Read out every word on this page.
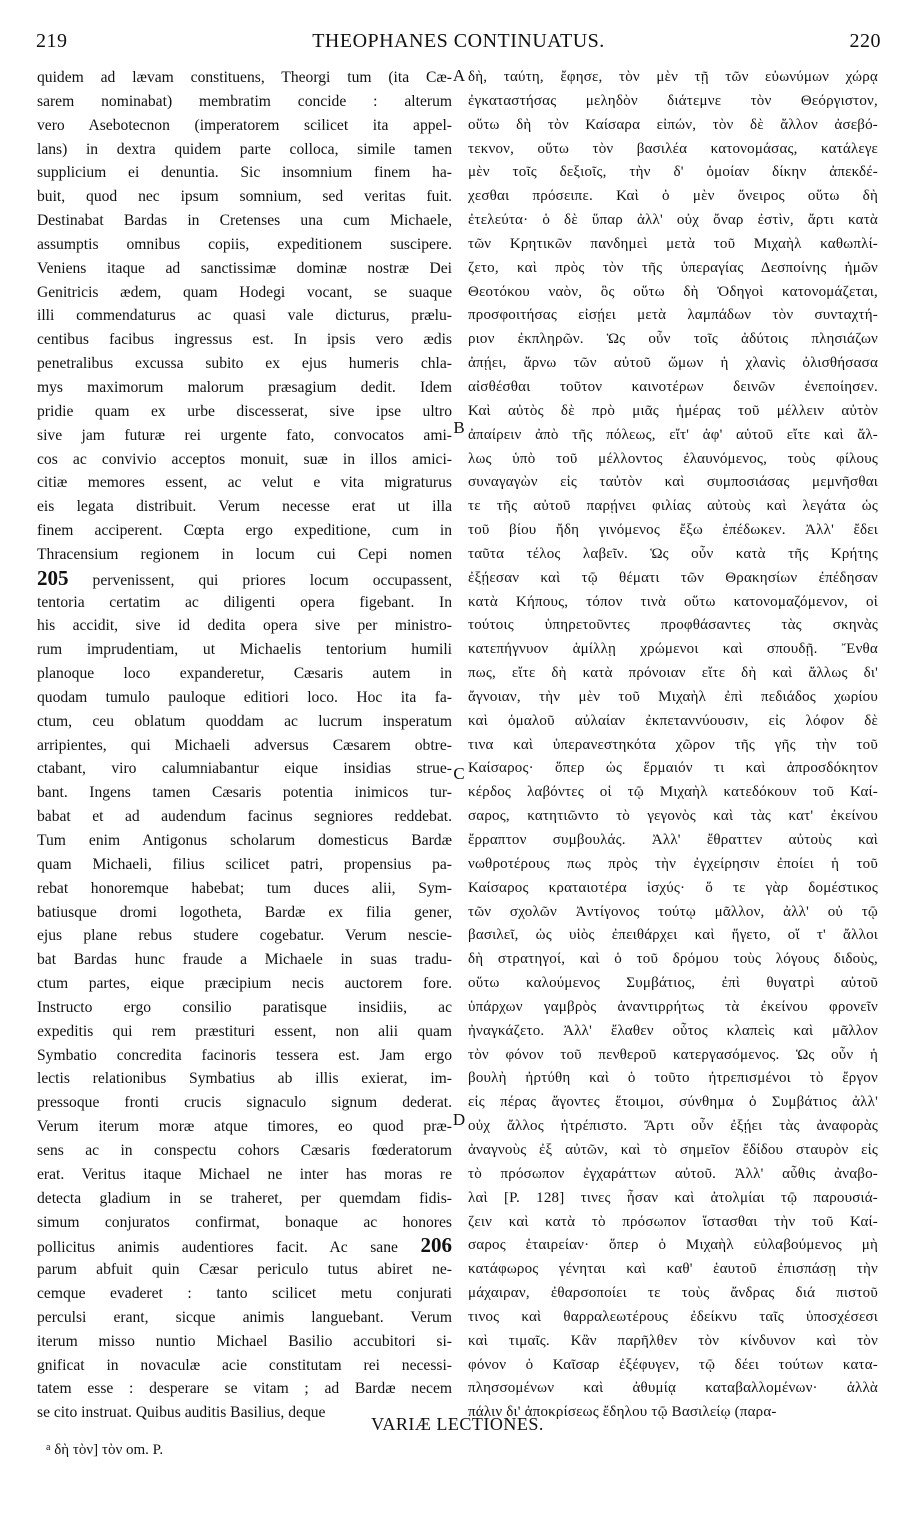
219	THEOPHANES CONTINUATUS.	220
quidem ad lævam constituens, Theorgi tum (ita Cæ-
sarem nominabat) membratim concide : alterum
vero Asebotecnon (imperatorem scilicet ita appel-
lans) in dextra quidem parte colloca, simile tamen
supplicium ei denuntia. Sic insomnium finem ha-
buit, quod nec ipsum somnium, sed veritas fuit.
Destinabat Bardas in Cretenses una cum Michaele,
assumptis omnibus copiis, expeditionem suscipere.
Veniens itaque ad sanctissimæ dominæ nostræ Dei
Genitricis ædem, quam Hodegi vocant, se suaque
illi commendaturus ac quasi vale dicturus, prælu-
centibus facibus ingressus est. In ipsis vero ædis
penetralibus excussa subito ex ejus humeris chla-
mys maximorum malorum præsagium dedit. Idem
pridie quam ex urbe discesserat, sive ipse ultro
sive jam futuræ rei urgente fato, convocatos ami-
cos ac convivio acceptos monuit, suæ in illos amici-
citiæ memores essent, ac velut e vita migraturus
eis legata distribuit. Verum necesse erat ut illa
finem acciperent. Cœpta ergo expeditione, cum in
Thracensium regionem in locum cui Cepi nomen
205 pervenissent, qui priores locum occupassent,
tentoria certatim ac diligenti opera figebant. In
his accidit, sive id dedita opera sive per ministro-
rum imprudentiam, ut Michaelis tentorium humili
planoque loco expanderetur, Cæsaris autem in
quodam tumulo pauloque editiori loco. Hoc ita fa-
ctum, ceu oblatum quoddam ac lucrum insperatum
arripientes, qui Michaeli adversus Cæsarem obtre-
ctabant, viro calumniabantur eique insidias strue-
bant. Ingens tamen Cæsaris potentia inimicos tur-
babat et ad audendum facinus segniores reddebat.
Tum enim Antigonus scholarum domesticus Bardæ
quam Michaeli, filius scilicet patri, propensius pa-
rebat honoremque habebat; tum duces alii, Sym-
batiusque dromi logotheta, Bardæ ex filia gener,
ejus plane rebus studere cogebatur. Verum nescie-
bat Bardas hunc fraude a Michaele in suas tradu-
ctum partes, eique præcipium necis auctorem fore.
Instructo ergo consilio paratisque insidiis, ac
expeditis qui rem præstituri essent, non alii quam
Symbatio concredita facinoris tessera est. Jam ergo
lectis relationibus Symbatius ab illis exierat, im-
pressoque fronti crucis signaculo signum dederat.
Verum iterum moræ atque timores, eo quod præ-
sens ac in conspectu cohors Cæsaris fœderatorum
erat. Veritus itaque Michael ne inter has moras re
detecta gladium in se traheret, per quemdam fidis-
simum conjuratos confirmat, bonaque ac honores
pollicitus animis audentiores facit. Ac sane 206
parum abfuit quin Cæsar periculo tutus abiret ne-
cemque evaderet : tanto scilicet metu conjurati
perculsi erant, sicque animis languebant. Verum
iterum misso nuntio Michael Basilio accubitori si-
gnificat in novaculæ acie constitutam rei necessi-
tatem esse : desperare se vitam ; ad Bardæ necem
se cito instruat. Quibus auditis Basilius, deque
A
B
C
D
δὴ, ταύτη, ἔφησε, τὸν μὲν τῇ τῶν εὐωνύμων χώρᾳ
ἐγκαταστήσας μεληδὸν διάτεμνε τὸν Θεόργιστον,
οὕτω δὴ τὸν Καίσαρα εἰπών, τὸν δὲ ἄλλον ἀσεβό-
τεκνον, οὕτω τὸν βασιλέα κατονομάσας, κατάλεγε
μὲν τοῖς δεξιοῖς, τὴν δ' ὁμοίαν δίκην ἀπεκδέ-
χεσθαι πρόσειπε. Καὶ ὁ μὲν ὄνειρος οὕτω δὴ
ἐτελεύτα· ὁ δὲ ὕπαρ ἀλλ' οὐχ ὄναρ ἐστὶν, ἄρτι κατὰ
τῶν Κρητικῶν πανδημεὶ μετὰ τοῦ Μιχαὴλ καθωπλί-
ζετο, καὶ πρὸς τὸν τῆς ὑπεραγίας Δεσποίνης ἡμῶν
Θεοτόκου ναὸν, ὃς οὕτω δὴ Ὁδηγοὶ κατονομάζεται,
προσφοιτήσας εἰσῄει μετὰ λαμπάδων τὸν συνταχτή-
ριον ἐκπληρῶν. Ὡς οὖν τοῖς ἀδύτοις πλησιάζων
ἀπῄει, ἄρνω τῶν αὐτοῦ ὤμων ἡ χλανὶς ὀλισθήσασα
αἰσθέσθαι τοῦτον καινοτέρων δεινῶν ἐνεποίησεν.
Καὶ αὐτὸς δὲ πρὸ μιᾶς ἡμέρας τοῦ μέλλειν αὐτὸν
ἀπαίρειν ἀπὸ τῆς πόλεως, εἴτ' ἀφ' αὑτοῦ εἴτε καὶ ἄλ-
λως ὑπὸ τοῦ μέλλοντος ἐλαυνόμενος, τοὺς φίλους
συναγαγὼν εἰς ταὐτὸν καὶ συμποσιάσας μεμνῆσθαι
τε τῆς αὐτοῦ παρῄνει φιλίας αὐτοὺς καὶ λεγάτα ὡς
τοῦ βίου ἤδη γινόμενος ἔξω ἐπέδωκεν. Ἀλλ' ἔδει
ταῦτα τέλος λαβεῖν. Ὡς οὖν κατὰ τῆς Κρήτης
ἐξῄεσαν καὶ τῷ θέματι τῶν Θρακησίων ἐπέδησαν
κατὰ Κήπους, τόπον τινὰ οὕτω κατονομαζόμενον, οἱ
τούτοις ὑπηρετοῦντες προφθάσαντες τὰς σκηνὰς
κατεπήγνυον ἁμίλλῃ χρώμενοι καὶ σπουδῇ. Ἔνθα
πως, εἴτε δὴ κατὰ πρόνοιαν εἴτε δὴ καὶ ἄλλως δι'
ἄγνοιαν, τὴν μὲν τοῦ Μιχαὴλ ἐπὶ πεδιάδος χωρίου
καὶ ὁμαλοῦ αὐλαίαν ἐκπεταννύουσιν, εἰς λόφον δὲ
τινα καὶ ὑπερανεστηκότα χῶρον τῆς γῆς τὴν τοῦ
Καίσαρος· ὅπερ ὡς ἕρμαιόν τι καὶ ἀπροσδόκητον
κέρδος λαβόντες οἱ τῷ Μιχαὴλ κατεδόκουν τοῦ Καί-
σαρος, κατητιῶντο τὸ γεγονὸς καὶ τὰς κατ' ἐκείνου
ἔρραπτον συμβουλάς. Ἀλλ' ἔθραττεν αὐτοὺς καὶ
νωθροτέρους πως πρὸς τὴν ἐγχείρησιν ἐποίει ἡ τοῦ
Καίσαρος κραταιοτέρα ἰσχύς· ὅ τε γὰρ δομέστικος
τῶν σχολῶν Ἀντίγονος τούτῳ μᾶλλον, ἀλλ' οὐ τῷ
βασιλεῖ, ὡς υἱὸς ἐπειθάρχει καὶ ἥγετο, οἵ τ' ἄλλοι
δὴ στρατηγοί, καὶ ὁ τοῦ δρόμου τοὺς λόγους διδοὺς,
οὕτω καλούμενος Συμβάτιος, ἐπὶ θυγατρὶ αὐτοῦ
ὑπάρχων γαμβρὸς ἀναντιρρήτως τὰ ἐκείνου φρονεῖν
ἠναγκάζετο. Ἀλλ' ἔλαθεν οὗτος κλαπεὶς καὶ μᾶλλον
τὸν φόνον τοῦ πενθεροῦ κατεργασόμενος. Ὡς οὖν ἡ
βουλὴ ἠρτύθη καὶ ὁ τοῦτο ἠτρεπισμένοι τὸ ἔργον
εἰς πέρας ἄγοντες ἕτοιμοι, σύνθημα ὁ Συμβάτιος ἀλλ'
οὐχ ἄλλος ἠτρέπιστο. Ἄρτι οὖν ἐξῄει τὰς ἀναφορὰς
ἀναγνοὺς ἐξ αὐτῶν, καὶ τὸ σημεῖον ἔδίδου σταυρὸν εἰς
τὸ πρόσωπον ἐγχαράττων αὐτοῦ. Ἀλλ' αὖθις ἀναβο-
λαὶ [P. 128] τινες ἦσαν καὶ ἀτολμίαι τῷ παρουσιά-
ζειν καὶ κατὰ τὸ πρόσωπον ἵστασθαι τὴν τοῦ Καί-
σαρος ἑταιρείαν· ὅπερ ὁ Μιχαὴλ εὐλαβούμενος μὴ
κατάφωρος γένηται καὶ καθ' ἑαυτοῦ ἐπισπάσῃ τὴν
μάχαιραν, ἐθαρσοποίει τε τοὺς ἄνδρας διά πιστοῦ
τινος καὶ θαρραλεωτέρους ἐδείκνυ ταῖς ὑποσχέσεσι
καὶ τιμαῖς. Κἂν παρῆλθεν τὸν κίνδυνον καὶ τὸν
φόνον ὁ Καῖσαρ ἐξέφυγεν, τῷ δέει τούτων κατα-
πλησσομένων καὶ ἀθυμίᾳ καταβαλλομένων· ἀλλὰ
πάλιν δι' ἀποκρίσεως ἔδηλου τῷ Βασιλείῳ (παρα-
VARIÆ LECTIONES.
$^a$ δὴ τὸν] τὸν om. P.
